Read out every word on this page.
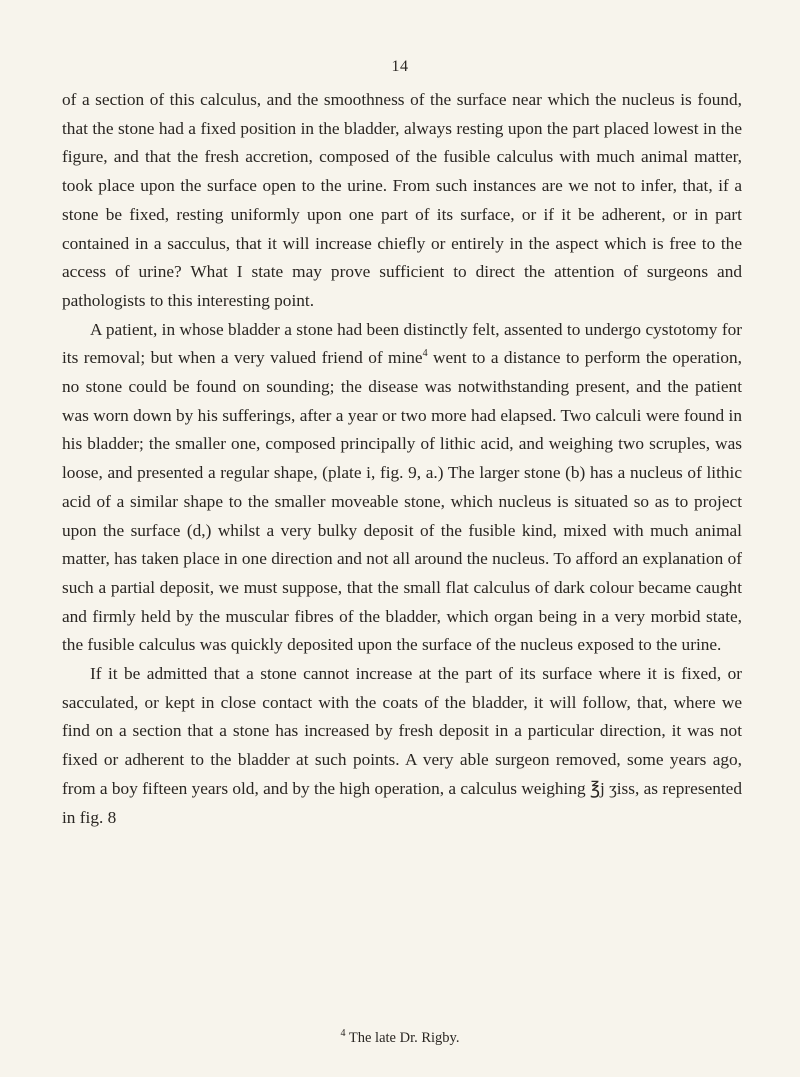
14

of a section of this calculus, and the smoothness of the surface near which the nucleus is found, that the stone had a fixed position in the bladder, always resting upon the part placed lowest in the figure, and that the fresh accretion, composed of the fusible calculus with much animal matter, took place upon the surface open to the urine. From such instances are we not to infer, that, if a stone be fixed, resting uniformly upon one part of its surface, or if it be adherent, or in part contained in a sacculus, that it will increase chiefly or entirely in the aspect which is free to the access of urine? What I state may prove sufficient to direct the attention of surgeons and pathologists to this interesting point.

A patient, in whose bladder a stone had been distinctly felt, assented to undergo cystotomy for its removal; but when a very valued friend of mine$^4$ went to a distance to perform the operation, no stone could be found on sounding; the disease was notwithstanding present, and the patient was worn down by his sufferings, after a year or two more had elapsed. Two calculi were found in his bladder; the smaller one, composed principally of lithic acid, and weighing two scruples, was loose, and presented a regular shape, (plate i, fig. 9, a.) The larger stone (b) has a nucleus of lithic acid of a similar shape to the smaller moveable stone, which nucleus is situated so as to project upon the surface (d,) whilst a very bulky deposit of the fusible kind, mixed with much animal matter, has taken place in one direction and not all around the nucleus. To afford an explanation of such a partial deposit, we must suppose, that the small flat calculus of dark colour became caught and firmly held by the muscular fibres of the bladder, which organ being in a very morbid state, the fusible calculus was quickly deposited upon the surface of the nucleus exposed to the urine.

If it be admitted that a stone cannot increase at the part of its surface where it is fixed, or sacculated, or kept in close contact with the coats of the bladder, it will follow, that, where we find on a section that a stone has increased by fresh deposit in a particular direction, it was not fixed or adherent to the bladder at such points. A very able surgeon removed, some years ago, from a boy fifteen years old, and by the high operation, a calculus weighing ℥j ʒiss, as represented in fig. 8

$^4$ The late Dr. Rigby.
